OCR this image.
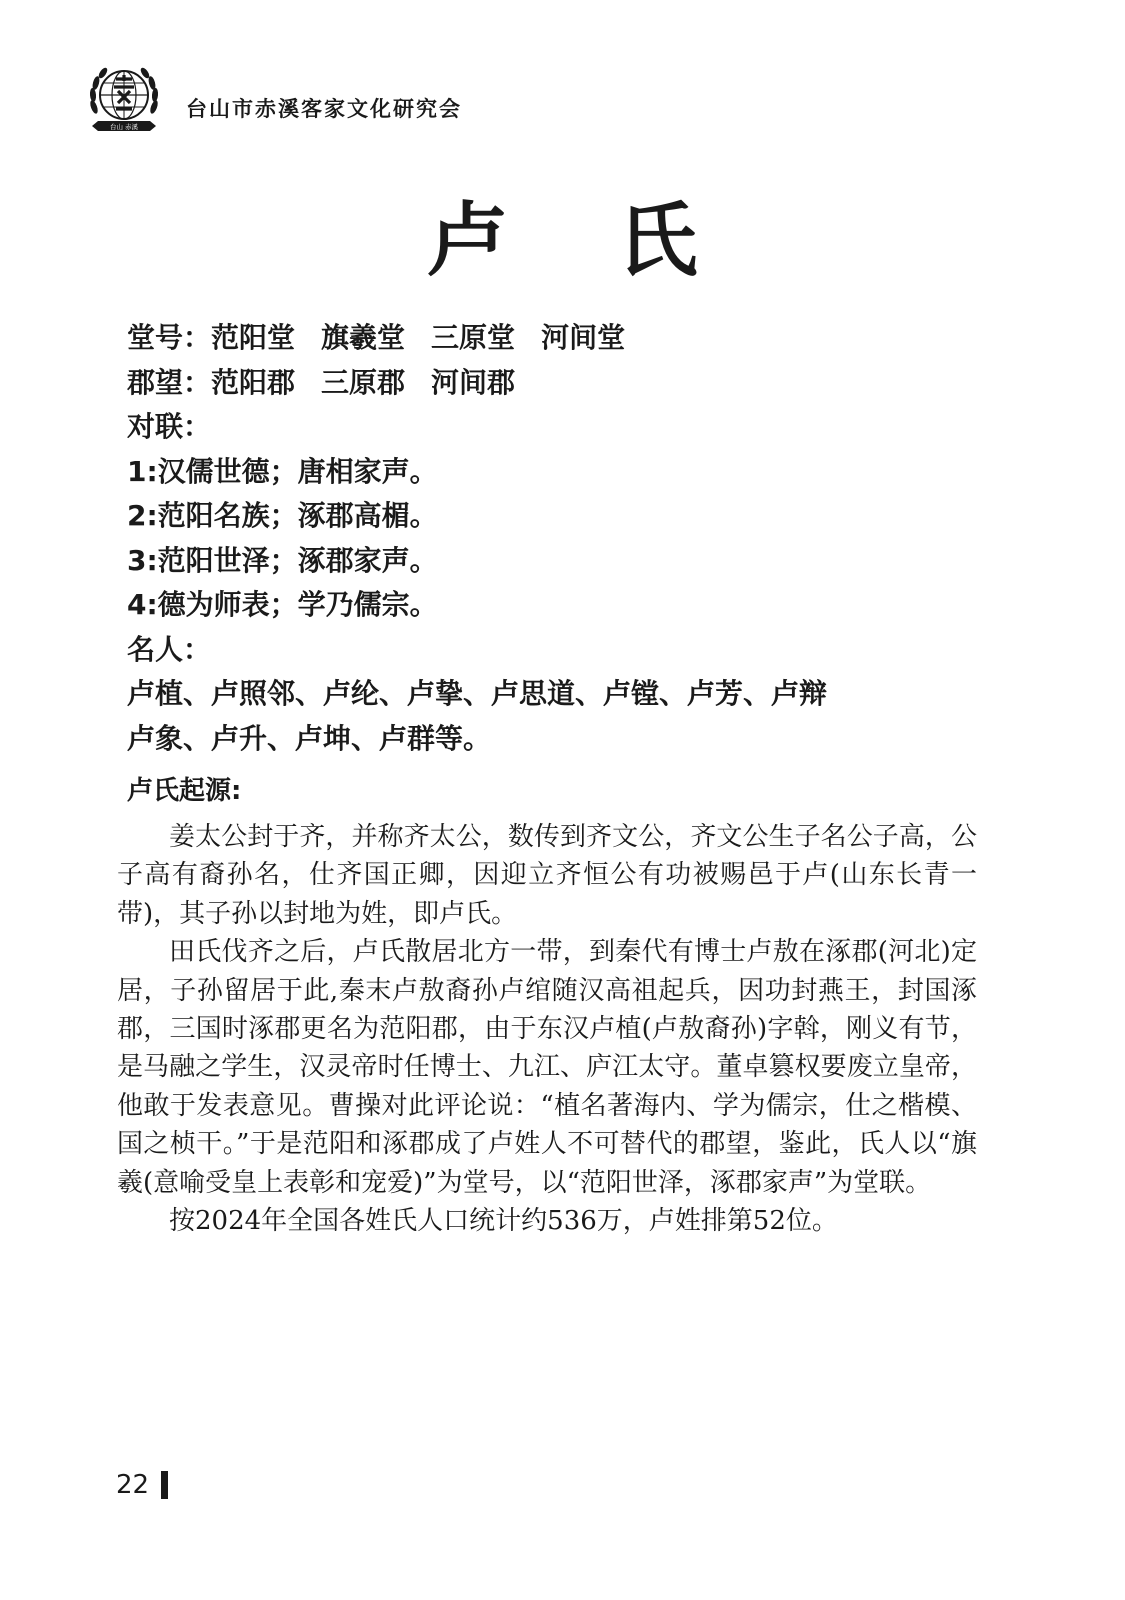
台山 赤溪
台山市赤溪客家文化研究会
卢 氏
堂号：范阳堂 旗羲堂 三原堂 河间堂
郡望：范阳郡 三原郡 河间郡
对联：
1:汉儒世德；唐相家声。
2:范阳名族；涿郡高楣。
3:范阳世泽；涿郡家声。
4:德为师表；学乃儒宗。
名人：
卢植、卢照邻、卢纶、卢挚、卢思道、卢镗、卢芳、卢辩
卢象、卢升、卢坤、卢群等。
卢氏起源:

姜太公封于齐，并称齐太公，数传到齐文公，齐文公生子名公子高，公子高有裔孙名，仕齐国正卿，因迎立齐恒公有功被赐邑于卢(山东长青一带)，其子孙以封地为姓，即卢氏。

田氏伐齐之后，卢氏散居北方一带，到秦代有博士卢敖在涿郡(河北)定居，子孙留居于此,秦末卢敖裔孙卢绾随汉高祖起兵，因功封燕王，封国涿郡，三国时涿郡更名为范阳郡，由于东汉卢植(卢敖裔孙)字斡，刚义有节，是马融之学生，汉灵帝时任博士、九江、庐江太守。董卓篡权要废立皇帝，他敢于发表意见。曹操对此评论说：“植名著海内、学为儒宗，仕之楷模、国之桢干。”于是范阳和涿郡成了卢姓人不可替代的郡望，鉴此，氏人以“旗羲(意喻受皇上表彰和宠爱)”为堂号，以“范阳世泽，涿郡家声”为堂联。

按2024年全国各姓氏人口统计约536万，卢姓排第52位。

22
